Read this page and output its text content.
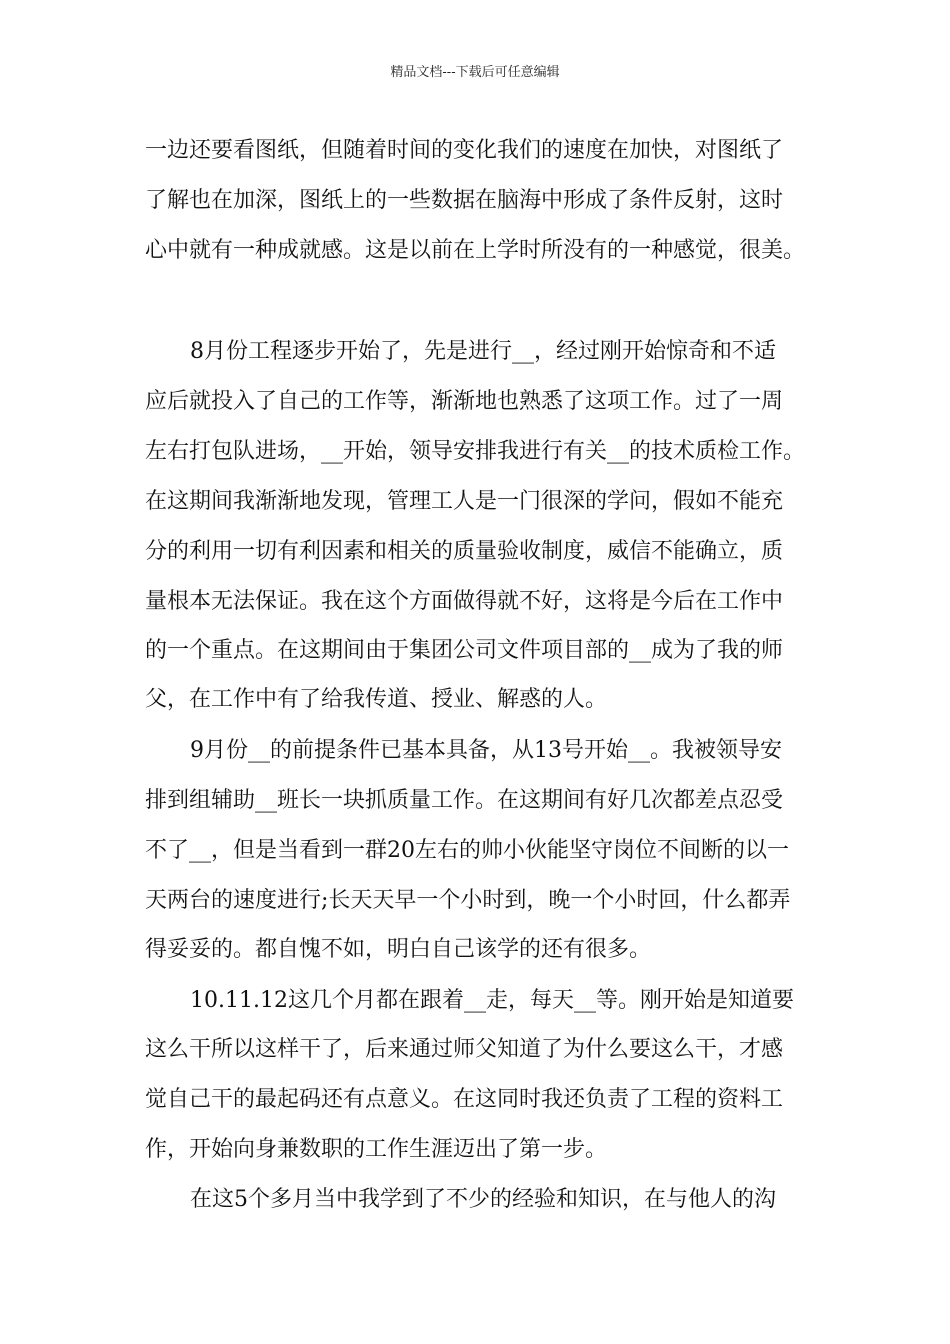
精品文档---下载后可任意编辑
一边还要看图纸，但随着时间的变化我们的速度在加快，对图纸了
了解也在加深，图纸上的一些数据在脑海中形成了条件反射，这时
心中就有一种成就感。这是以前在上学时所没有的一种感觉，很美。
8月份工程逐步开始了，先是进行__，经过刚开始惊奇和不适
应后就投入了自己的工作等，渐渐地也熟悉了这项工作。过了一周
左右打包队进场，__开始，领导安排我进行有关__的技术质检工作。
在这期间我渐渐地发现，管理工人是一门很深的学问，假如不能充
分的利用一切有利因素和相关的质量验收制度，威信不能确立，质
量根本无法保证。我在这个方面做得就不好，这将是今后在工作中
的一个重点。在这期间由于集团公司文件项目部的__成为了我的师
父，在工作中有了给我传道、授业、解惑的人。
9月份__的前提条件已基本具备，从13号开始__。我被领导安
排到组辅助__班长一块抓质量工作。在这期间有好几次都差点忍受
不了__，但是当看到一群20左右的帅小伙能坚守岗位不间断的以一
天两台的速度进行;长天天早一个小时到，晚一个小时回，什么都弄
得妥妥的。都自愧不如，明白自己该学的还有很多。
10.11.12这几个月都在跟着__走，每天__等。刚开始是知道要
这么干所以这样干了，后来通过师父知道了为什么要这么干，才感
觉自己干的最起码还有点意义。在这同时我还负责了工程的资料工
作，开始向身兼数职的工作生涯迈出了第一步。
在这5个多月当中我学到了不少的经验和知识，在与他人的沟
